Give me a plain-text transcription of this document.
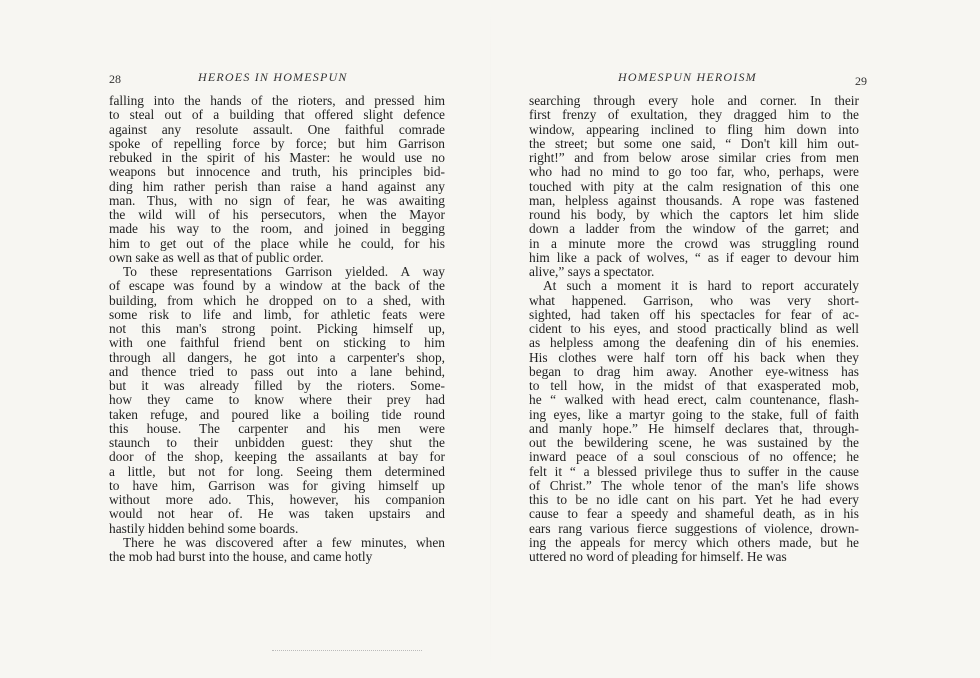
28	HEROES IN HOMESPUN
falling into the hands of the rioters, and pressed him
to steal out of a building that offered slight defence
against any resolute assault. One faithful comrade
spoke of repelling force by force; but him Garrison
rebuked in the spirit of his Master: he would use no
weapons but innocence and truth, his principles bid-
ding him rather perish than raise a hand against any
man. Thus, with no sign of fear, he was awaiting
the wild will of his persecutors, when the Mayor
made his way to the room, and joined in begging
him to get out of the place while he could, for his
own sake as well as that of public order.
To these representations Garrison yielded. A way
of escape was found by a window at the back of the
building, from which he dropped on to a shed, with
some risk to life and limb, for athletic feats were
not this man's strong point. Picking himself up,
with one faithful friend bent on sticking to him
through all dangers, he got into a carpenter's shop,
and thence tried to pass out into a lane behind,
but it was already filled by the rioters. Some-
how they came to know where their prey had
taken refuge, and poured like a boiling tide round
this house. The carpenter and his men were
staunch to their unbidden guest: they shut the
door of the shop, keeping the assailants at bay for
a little, but not for long. Seeing them determined
to have him, Garrison was for giving himself up
without more ado. This, however, his companion
would not hear of. He was taken upstairs and
hastily hidden behind some boards.
There he was discovered after a few minutes, when
the mob had burst into the house, and came hotly
HOMESPUN HEROISM	29
searching through every hole and corner. In their
first frenzy of exultation, they dragged him to the
window, appearing inclined to fling him down into
the street; but some one said, “ Don't kill him out-
right!” and from below arose similar cries from men
who had no mind to go too far, who, perhaps, were
touched with pity at the calm resignation of this one
man, helpless against thousands. A rope was fastened
round his body, by which the captors let him slide
down a ladder from the window of the garret; and
in a minute more the crowd was struggling round
him like a pack of wolves, “ as if eager to devour him
alive,” says a spectator.
At such a moment it is hard to report accurately
what happened. Garrison, who was very short-
sighted, had taken off his spectacles for fear of ac-
cident to his eyes, and stood practically blind as well
as helpless among the deafening din of his enemies.
His clothes were half torn off his back when they
began to drag him away. Another eye-witness has
to tell how, in the midst of that exasperated mob,
he “ walked with head erect, calm countenance, flash-
ing eyes, like a martyr going to the stake, full of faith
and manly hope.” He himself declares that, through-
out the bewildering scene, he was sustained by the
inward peace of a soul conscious of no offence; he
felt it “ a blessed privilege thus to suffer in the cause
of Christ.” The whole tenor of the man's life shows
this to be no idle cant on his part. Yet he had every
cause to fear a speedy and shameful death, as in his
ears rang various fierce suggestions of violence, drown-
ing the appeals for mercy which others made, but he
uttered no word of pleading for himself. He was
